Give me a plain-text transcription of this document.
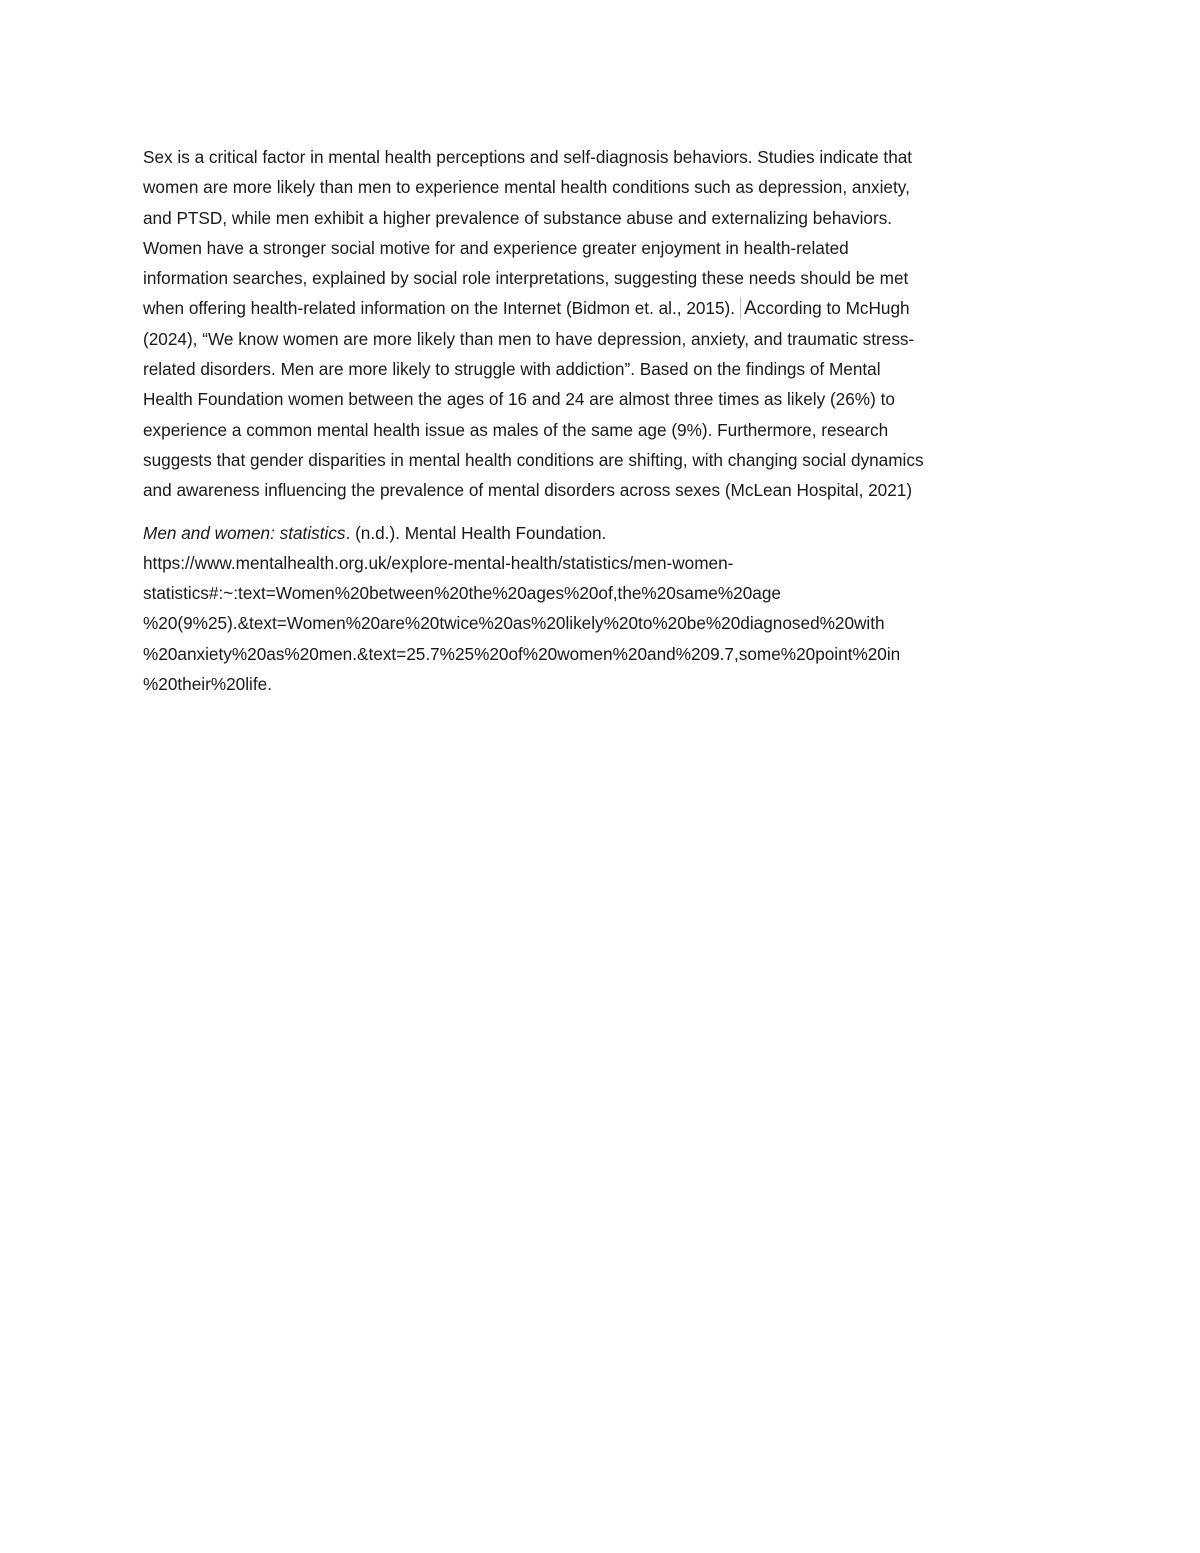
Sex is a critical factor in mental health perceptions and self-diagnosis behaviors. Studies indicate that
women are more likely than men to experience mental health conditions such as depression, anxiety,
and PTSD, while men exhibit a higher prevalence of substance abuse and externalizing behaviors.
Women have a stronger social motive for and experience greater enjoyment in health-related
information searches, explained by social role interpretations, suggesting these needs should be met
when offering health-related information on the Internet (Bidmon et. al., 2015). According to McHugh
(2024), “We know women are more likely than men to have depression, anxiety, and traumatic stress-
related disorders. Men are more likely to struggle with addiction”. Based on the findings of Mental
Health Foundation women between the ages of 16 and 24 are almost three times as likely (26%) to
experience a common mental health issue as males of the same age (9%). Furthermore, research
suggests that gender disparities in mental health conditions are shifting, with changing social dynamics
and awareness influencing the prevalence of mental disorders across sexes (McLean Hospital, 2021)
Men and women: statistics. (n.d.). Mental Health Foundation.
https://www.mentalhealth.org.uk/explore-mental-health/statistics/men-women-
statistics#:~:text=Women%20between%20the%20ages%20of,the%20same%20age
%20(9%25).&text=Women%20are%20twice%20as%20likely%20to%20be%20diagnosed%20with
%20anxiety%20as%20men.&text=25.7%25%20of%20women%20and%209.7,some%20point%20in
%20their%20life.
